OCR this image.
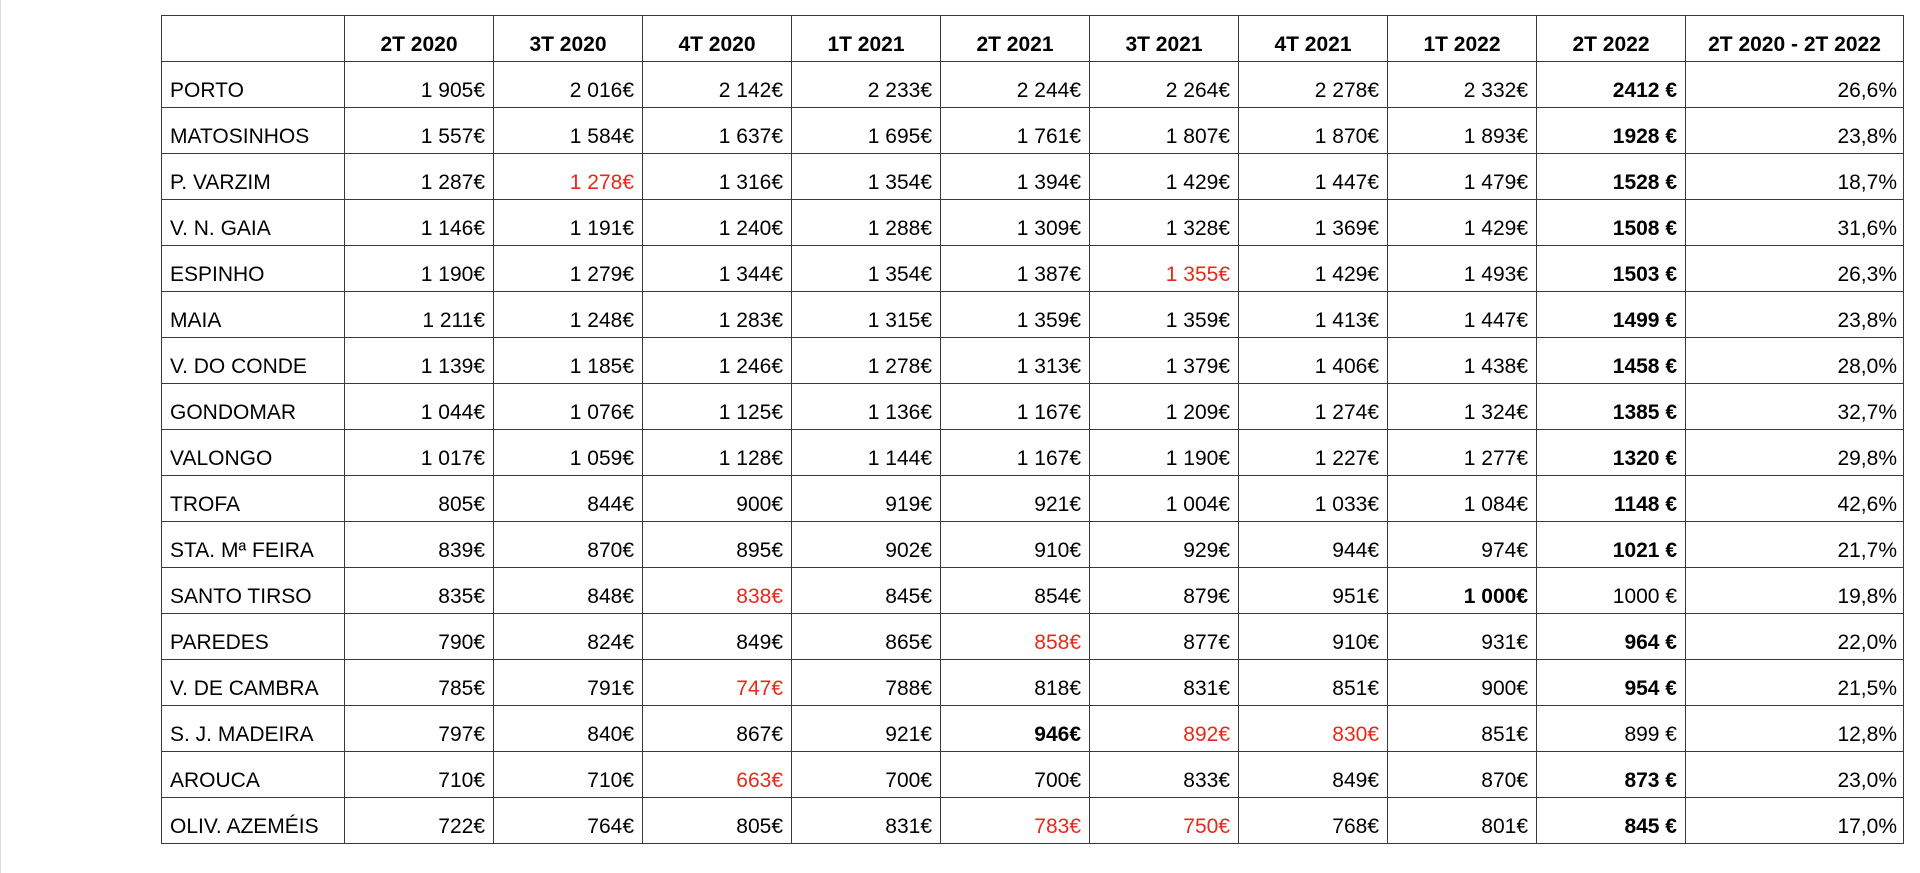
	2T 2020	3T 2020	4T 2020	1T 2021	2T 2021	3T 2021	4T 2021	1T 2022	2T 2022	2T 2020 - 2T 2022
PORTO	1 905€	2 016€	2 142€	2 233€	2 244€	2 264€	2 278€	2 332€	2412 €	26,6%
MATOSINHOS	1 557€	1 584€	1 637€	1 695€	1 761€	1 807€	1 870€	1 893€	1928 €	23,8%
P. VARZIM	1 287€	1 278€	1 316€	1 354€	1 394€	1 429€	1 447€	1 479€	1528 €	18,7%
V. N. GAIA	1 146€	1 191€	1 240€	1 288€	1 309€	1 328€	1 369€	1 429€	1508 €	31,6%
ESPINHO	1 190€	1 279€	1 344€	1 354€	1 387€	1 355€	1 429€	1 493€	1503 €	26,3%
MAIA	1 211€	1 248€	1 283€	1 315€	1 359€	1 359€	1 413€	1 447€	1499 €	23,8%
V. DO CONDE	1 139€	1 185€	1 246€	1 278€	1 313€	1 379€	1 406€	1 438€	1458 €	28,0%
GONDOMAR	1 044€	1 076€	1 125€	1 136€	1 167€	1 209€	1 274€	1 324€	1385 €	32,7%
VALONGO	1 017€	1 059€	1 128€	1 144€	1 167€	1 190€	1 227€	1 277€	1320 €	29,8%
TROFA	805€	844€	900€	919€	921€	1 004€	1 033€	1 084€	1148 €	42,6%
STA. Mª FEIRA	839€	870€	895€	902€	910€	929€	944€	974€	1021 €	21,7%
SANTO TIRSO	835€	848€	838€	845€	854€	879€	951€	1 000€	1000 €	19,8%
PAREDES	790€	824€	849€	865€	858€	877€	910€	931€	964 €	22,0%
V. DE CAMBRA	785€	791€	747€	788€	818€	831€	851€	900€	954 €	21,5%
S. J. MADEIRA	797€	840€	867€	921€	946€	892€	830€	851€	899 €	12,8%
AROUCA	710€	710€	663€	700€	700€	833€	849€	870€	873 €	23,0%
OLIV. AZEMÉIS	722€	764€	805€	831€	783€	750€	768€	801€	845 €	17,0%
